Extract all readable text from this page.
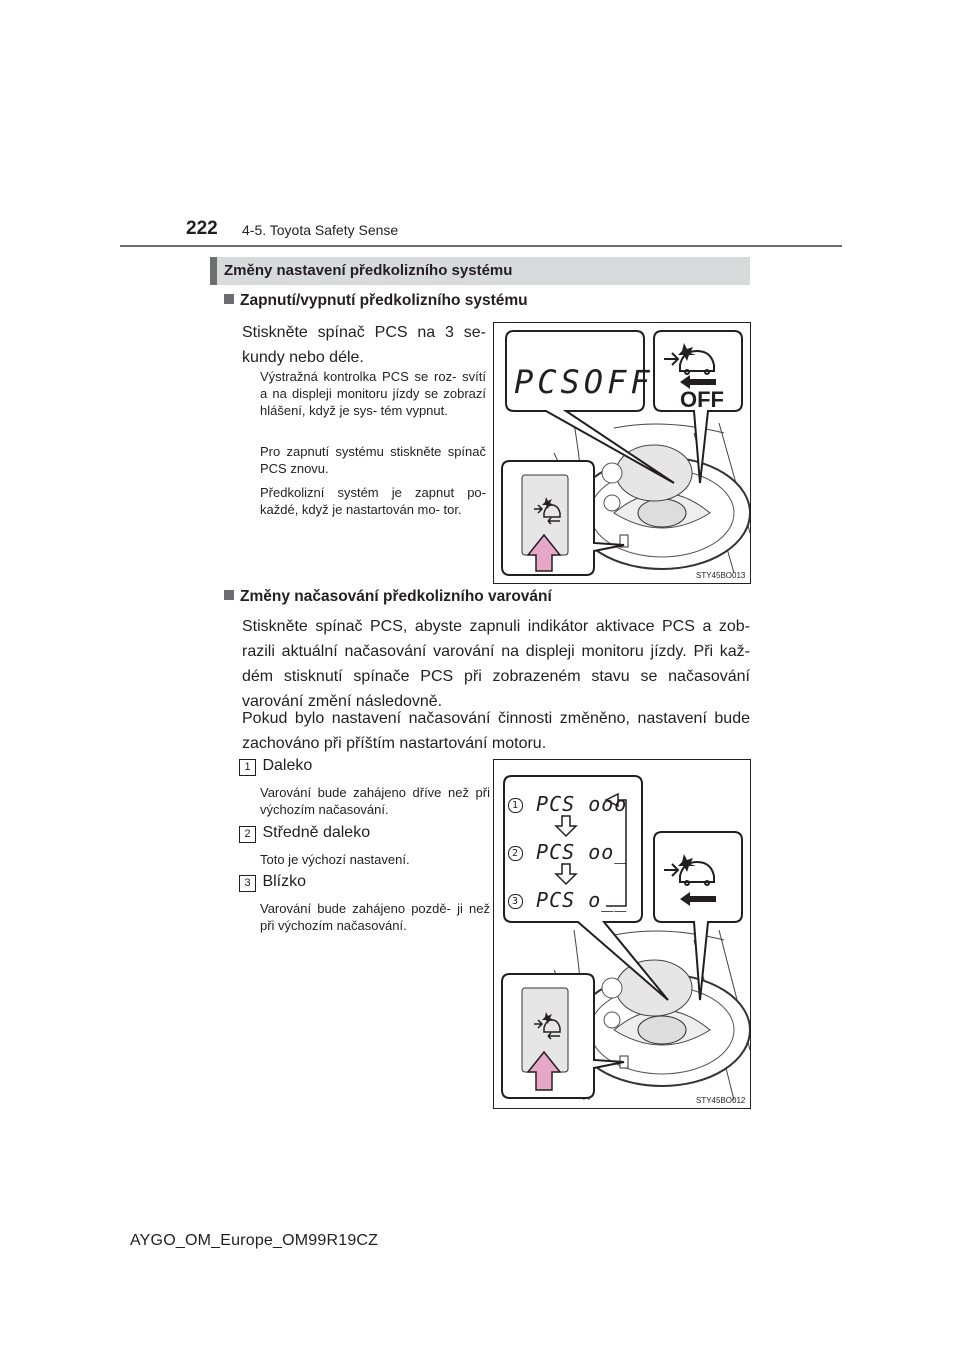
222 4-5. Toyota Safety Sense
Změny nastavení předkolizního systému
Zapnutí/vypnutí předkolizního systému
Stiskněte spínač PCS na 3 se- kundy nebo déle.
Výstražná kontrolka PCS se roz- svítí a na displeji monitoru jízdy se zobrazí hlášení, když je sys- tém vypnut.
Pro zapnutí systému stiskněte spínač PCS znovu.
Předkolizní systém je zapnut po- každé, když je nastartován mo- tor.
PCSOFF OFF
STY45BO013
Změny načasování předkolizního varování
Stiskněte spínač PCS, abyste zapnuli indikátor aktivace PCS a zob- razili aktuální načasování varování na displeji monitoru jízdy. Při kaž- dém stisknutí spínače PCS při zobrazeném stavu se načasování varování změní následovně.
Pokud bylo nastavení načasování činnosti změněno, nastavení bude zachováno při příštím nastartování motoru.
1 Daleko
Varování bude zahájeno dříve než při výchozím načasování.
2 Středně daleko
Toto je výchozí nastavení.
3 Blízko
Varování bude zahájeno pozdě- ji než při výchozím načasování.
1 PCS ooo
2 PCS oo_
3 PCS o__
STY45BO012
AYGO_OM_Europe_OM99R19CZ
